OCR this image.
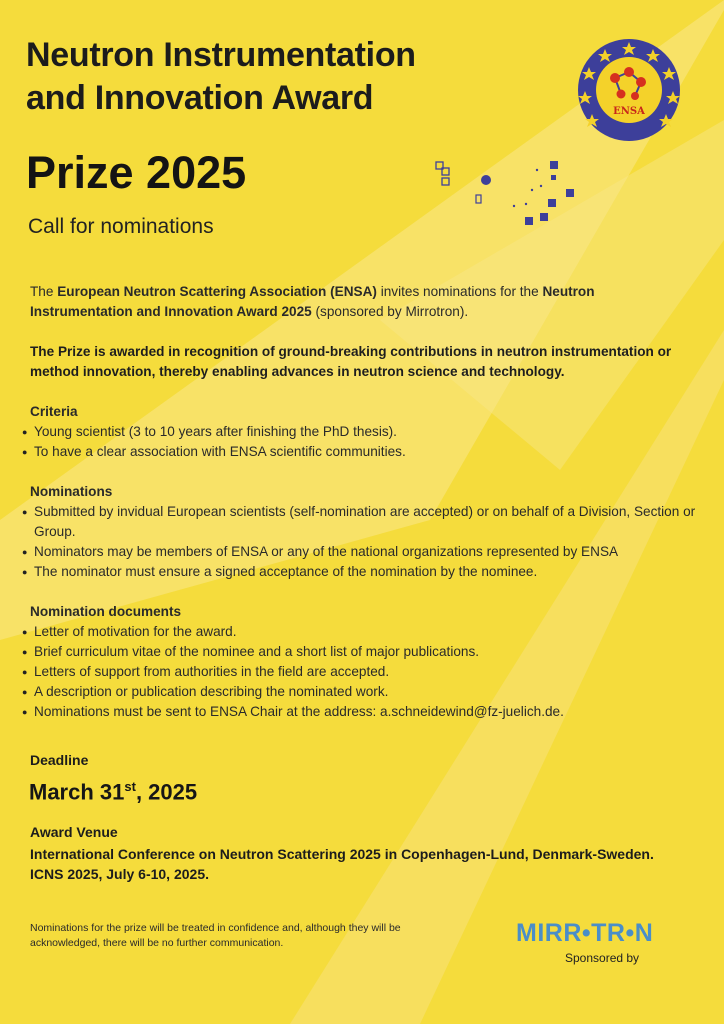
Neutron Instrumentation
and Innovation Award

Prize 2025

Call for nominations

ENSA

The European Neutron Scattering Association (ENSA) invites nominations for the Neutron Instrumentation and Innovation Award 2025 (sponsored by Mirrotron).

The Prize is awarded in recognition of ground-breaking contributions in neutron instrumentation or method innovation, thereby enabling advances in neutron science and technology.

Criteria

● Young scientist (3 to 10 years after finishing the PhD thesis).
● To have a clear association with ENSA scientific communities.

Nominations

● Submitted by invidual European scientists (self-nomination are accepted) or on behalf of a Division, Section or Group.
● Nominators may be members of ENSA or any of the national organizations represented by ENSA
● The nominator must ensure a signed acceptance of the nomination by the nominee.

Nomination documents

● Letter of motivation for the award.
● Brief curriculum vitae of the nominee and a short list of major publications.
● Letters of support from authorities in the field are accepted.
● A description or publication describing the nominated work.
● Nominations must be sent to ENSA Chair at the address: a.schneidewind@fz-juelich.de.

Deadline

March 31st, 2025

Award Venue

International Conference on Neutron Scattering 2025 in Copenhagen-Lund, Denmark-Sweden.
ICNS 2025, July 6-10, 2025.

Nominations for the prize will be treated in confidence and, although they will be acknowledged, there will be no further communication.	MIRR•TR•N

Sponsored by
